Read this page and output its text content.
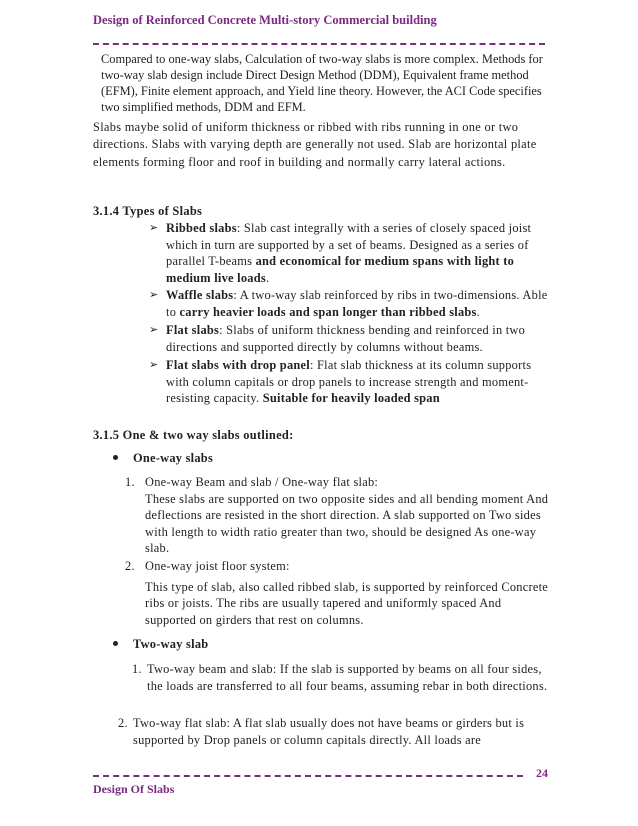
Design of Reinforced Concrete Multi-story Commercial building
Compared to one-way slabs, Calculation of two-way slabs is more complex. Methods for two-way slab design include Direct Design Method (DDM), Equivalent frame method (EFM), Finite element approach, and Yield line theory. However, the ACI Code specifies two simplified methods, DDM and EFM.
Slabs maybe solid of uniform thickness or ribbed with ribs running in one or two directions. Slabs with varying depth are generally not used. Slab are horizontal plate elements forming floor and roof in building and normally carry lateral actions.
3.1.4 Types of Slabs
➢ Ribbed slabs: Slab cast integrally with a series of closely spaced joist which in turn are supported by a set of beams. Designed as a series of parallel T-beams and economical for medium spans with light to medium live loads.
➢ Waffle slabs: A two-way slab reinforced by ribs in two-dimensions. Able to carry heavier loads and span longer than ribbed slabs.
➢ Flat slabs: Slabs of uniform thickness bending and reinforced in two directions and supported directly by columns without beams.
➢ Flat slabs with drop panel: Flat slab thickness at its column supports with column capitals or drop panels to increase strength and moment-resisting capacity. Suitable for heavily loaded span
3.1.5 One & two way slabs outlined:
One-way slabs
1. One-way Beam and slab / One-way flat slab:
These slabs are supported on two opposite sides and all bending moment And deflections are resisted in the short direction. A slab supported on Two sides with length to width ratio greater than two, should be designed As one-way slab.
2. One-way joist floor system:
This type of slab, also called ribbed slab, is supported by reinforced Concrete ribs or joists. The ribs are usually tapered and uniformly spaced And supported on girders that rest on columns.
Two-way slab
1. Two-way beam and slab: If the slab is supported by beams on all four sides, the loads are transferred to all four beams, assuming rebar in both directions.
2. Two-way flat slab: A flat slab usually does not have beams or girders but is supported by Drop panels or column capitals directly. All loads are
24
Design Of Slabs
